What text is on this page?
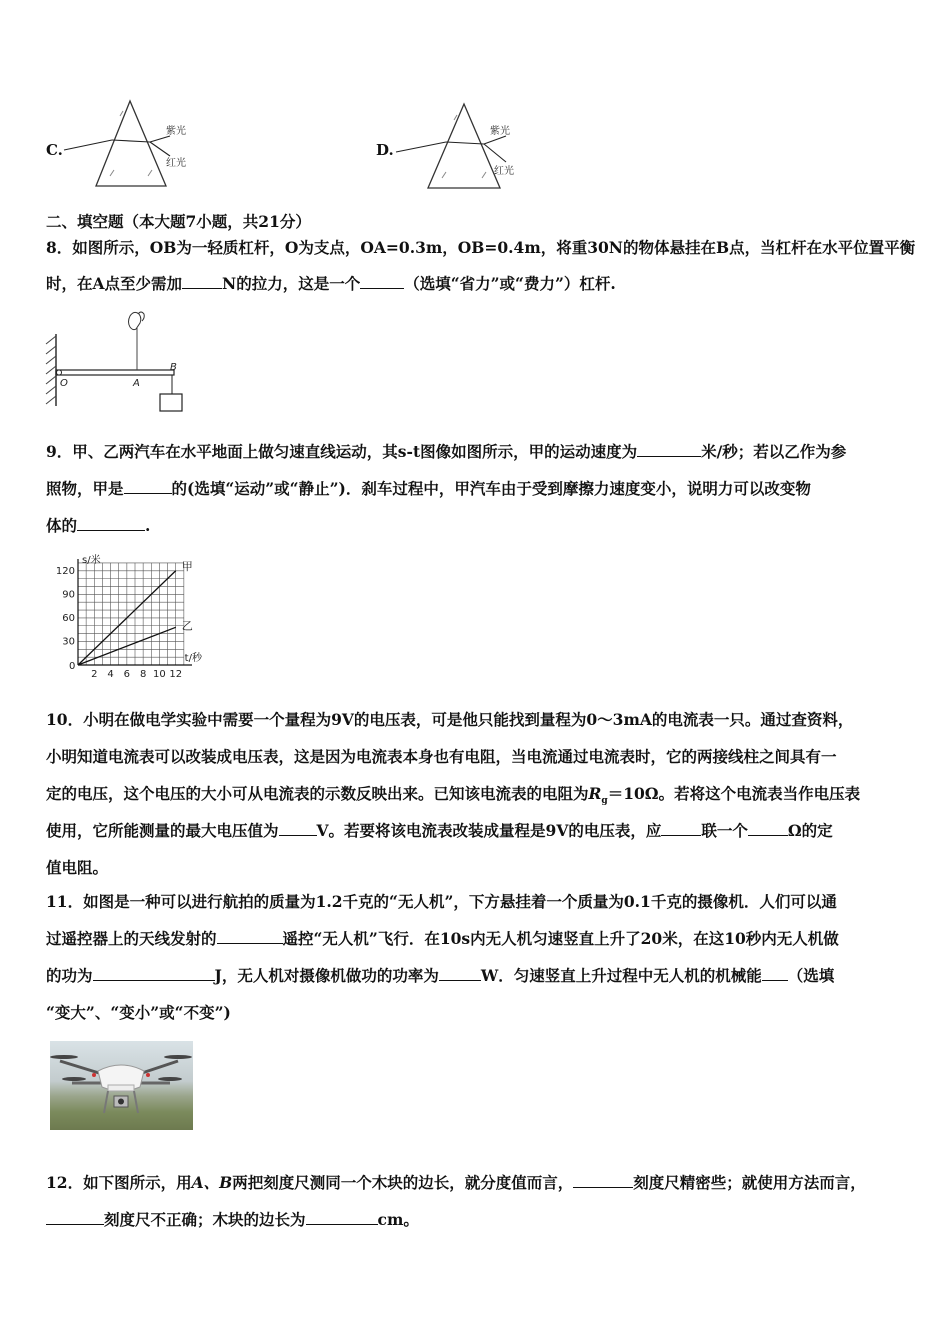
C.
紫光
红光
D.
紫光
红光
二、填空题（本大题7小题，共21分）
8．如图所示，OB为一轻质杠杆，O为支点，OA=0.3m，OB=0.4m，将重30N的物体悬挂在B点，当杠杆在水平位置平衡
时，在A点至少需加	N的拉力，这是一个	（选填“省力”或“费力”）杠杆.
O	A
B
9．甲、乙两汽车在水平地面上做匀速直线运动，其s-t图像如图所示，甲的运动速度为	米/秒；若以乙作为参
照物，甲是	的(选填“运动”或“静止”)．刹车过程中，甲汽车由于受到摩擦力速度变小，说明力可以改变物
体的	.
2 4 6 8 10 12
120
90
60
30
甲
乙
s/米
t/秒
0
10．小明在做电学实验中需要一个量程为9V的电压表，可是他只能找到量程为0～3mA的电流表一只。通过查资料，
小明知道电流表可以改装成电压表，这是因为电流表本身也有电阻，当电流通过电流表时，它的两接线柱之间具有一
定的电压，这个电压的大小可从电流表的示数反映出来。已知该电流表的电阻为$R_g=10\Omega$。若将这个电流表当作电压表
使用，它所能测量的最大电压值为 V。若要将该电流表改装成量程是9V的电压表，应	联一个	Ω的定
值电阻。
11．如图是一种可以进行航拍的质量为1.2千克的“无人机”，下方悬挂着一个质量为0.1千克的摄像机．人们可以通
过遥控器上的天线发射的	遥控“无人机”飞行．在10s内无人机匀速竖直上升了20米，在这10秒内无人机做
的功为	J，无人机对摄像机做功的功率为	W．匀速竖直上升过程中无人机的机械能 （选填
“变大”、“变小”或“不变”)
12．如下图所示，用A、B两把刻度尺测同一个木块的边长，就分度值而言，	刻度尺精密些；就使用方法而言，
刻度尺不正确；木块的边长为	cm。
